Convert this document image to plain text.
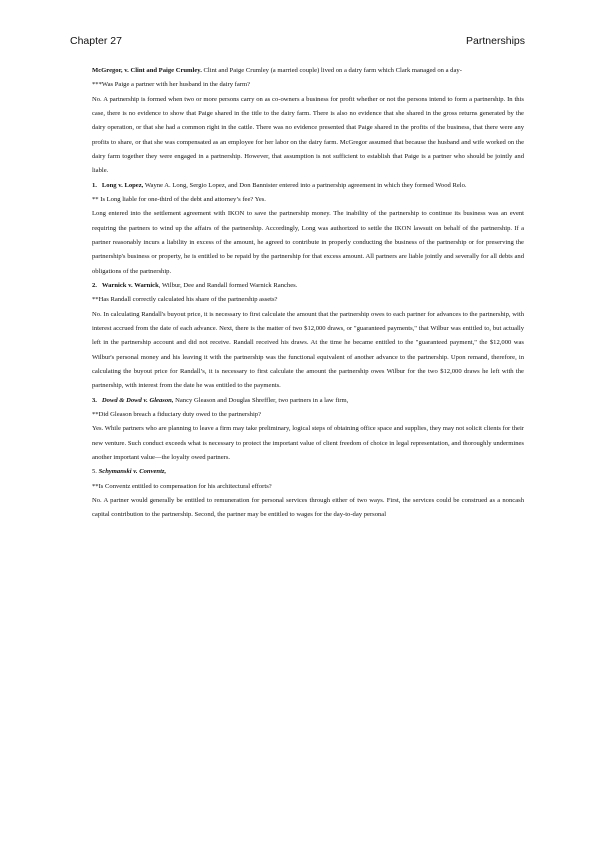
Chapter 27	Partnerships

McGregor, v. Clint and Paige Crumley. Clint and Paige Crumley (a married couple) lived on a dairy farm which Clark managed on a day-

***Was Paige a partner with her husband in the dairy farm?

No. A partnership is formed when two or more persons carry on as co-owners a business for profit whether or not the persons intend to form a partnership. In this case, there is no evidence to show that Paige shared in the title to the dairy farm. There is also no evidence that she shared in the gross returns generated by the dairy operation, or that she had a common right in the cattle. There was no evidence presented that Paige shared in the profits of the business, that there were any profits to share, or that she was compensated as an employee for her labor on the dairy farm. McGregor assumed that because the husband and wife worked on the dairy farm together they were engaged in a partnership. However, that assumption is not sufficient to establish that Paige is a partner who should be jointly and liable.

1. Long v. Lopez, Wayne A. Long, Sergio Lopez, and Don Bannister entered into a partnership agreement in which they formed Wood Relo.

** Is Long liable for one-third of the debt and attorney’s fee? Yes.

Long entered into the settlement agreement with IKON to save the partnership money. The inability of the partnership to continue its business was an event requiring the partners to wind up the affairs of the partnership. Accordingly, Long was authorized to settle the IKON lawsuit on behalf of the partnership. If a partner reasonably incurs a liability in excess of the amount, he agreed to contribute in properly conducting the business of the partnership or for preserving the partnership's business or property, he is entitled to be repaid by the partnership for that excess amount. All partners are liable jointly and severally for all debts and obligations of the partnership.

2. Warnick v. Warnick, Wilbur, Dee and Randall formed Warnick Ranches.

**Has Randall correctly calculated his share of the partnership assets?

No. In calculating Randall's buyout price, it is necessary to first calculate the amount that the partnership owes to each partner for advances to the partnership, with interest accrued from the date of each advance. Next, there is the matter of two $12,000 draws, or "guaranteed payments," that Wilbur was entitled to, but actually left in the partnership account and did not receive. Randall received his draws. At the time he became entitled to the "guaranteed payment," the $12,000 was Wilbur's personal money and his leaving it with the partnership was the functional equivalent of another advance to the partnership. Upon remand, therefore, in calculating the buyout price for Randall’s, it is necessary to first calculate the amount the partnership owes Wilbur for the two $12,000 draws he left with the partnership, with interest from the date he was entitled to the payments.

3. Dowd & Dowd v. Gleason, Nancy Gleason and Douglas Shreffler, two partners in a law firm,

**Did Gleason breach a fiduciary duty owed to the partnership?

Yes. While partners who are planning to leave a firm may take preliminary, logical steps of obtaining office space and supplies, they may not solicit clients for their new venture. Such conduct exceeds what is necessary to protect the important value of client freedom of choice in legal representation, and thoroughly undermines another important value—the loyalty owed partners.

5. Schymanski v. Conventz,

**Is Conventz entitled to compensation for his architectural efforts?

No. A partner would generally be entitled to remuneration for personal services through either of two ways. First, the services could be construed as a noncash capital contribution to the partnership. Second, the partner may be entitled to wages for the day-to-day personal
